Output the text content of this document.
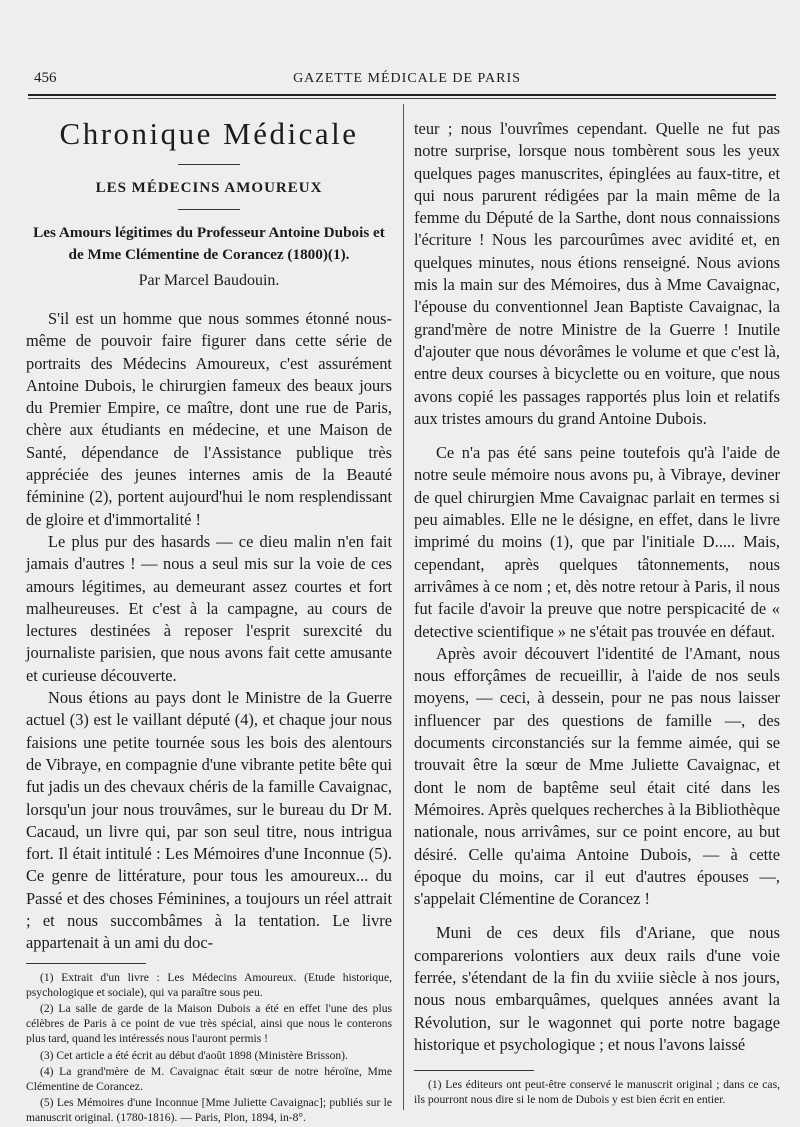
456	GAZETTE MÉDICALE DE PARIS
Chronique Médicale
LES MÉDECINS AMOUREUX
Les Amours légitimes du Professeur Antoine Dubois et de Mme Clémentine de Corancez (1800)(1).
Par Marcel Baudouin.

S'il est un homme que nous sommes étonné nous-même de pouvoir faire figurer dans cette série de portraits des Médecins Amoureux, c'est assurément Antoine Dubois, le chirurgien fameux des beaux jours du Premier Empire, ce maître, dont une rue de Paris, chère aux étudiants en médecine, et une Maison de Santé, dépendance de l'Assistance publique très appréciée des jeunes internes amis de la Beauté féminine (2), portent aujourd'hui le nom resplendissant de gloire et d'immortalité !

Le plus pur des hasards — ce dieu malin n'en fait jamais d'autres ! — nous a seul mis sur la voie de ces amours légitimes, au demeurant assez courtes et fort malheureuses. Et c'est à la campagne, au cours de lectures destinées à reposer l'esprit surexcité du journaliste parisien, que nous avons fait cette amusante et curieuse découverte.

Nous étions au pays dont le Ministre de la Guerre actuel (3) est le vaillant député (4), et chaque jour nous faisions une petite tournée sous les bois des alentours de Vibraye, en compagnie d'une vibrante petite bête qui fut jadis un des chevaux chéris de la famille Cavaignac, lorsqu'un jour nous trouvâmes, sur le bureau du Dr M. Cacaud, un livre qui, par son seul titre, nous intrigua fort. Il était intitulé : Les Mémoires d'une Inconnue (5). Ce genre de littérature, pour tous les amoureux... du Passé et des choses Féminines, a toujours un réel attrait ; et nous succombâmes à la tentation. Le livre appartenait à un ami du doc-

(1) Extrait d'un livre : Les Médecins Amoureux. (Etude historique, psychologique et sociale), qui va paraître sous peu.

(2) La salle de garde de la Maison Dubois a été en effet l'une des plus célèbres de Paris à ce point de vue très spécial, ainsi que nous le conterons plus tard, quand les intéressés nous l'auront permis !

(3) Cet article a été écrit au début d'août 1898 (Ministère Brisson).

(4) La grand'mère de M. Cavaignac était sœur de notre héroïne, Mme Clémentine de Corancez.

(5) Les Mémoires d'une Inconnue [Mme Juliette Cavaignac]; publiés sur le manuscrit original. (1780-1816). — Paris, Plon, 1894, in-8°.

teur ; nous l'ouvrîmes cependant. Quelle ne fut pas notre surprise, lorsque nous tombèrent sous les yeux quelques pages manuscrites, épinglées au faux-titre, et qui nous parurent rédigées par la main même de la femme du Député de la Sarthe, dont nous connaissions l'écriture ! Nous les parcourûmes avec avidité et, en quelques minutes, nous étions renseigné. Nous avions mis la main sur des Mémoires, dus à Mme Cavaignac, l'épouse du conventionnel Jean Baptiste Cavaignac, la grand'mère de notre Ministre de la Guerre ! Inutile d'ajouter que nous dévorâmes le volume et que c'est là, entre deux courses à bicyclette ou en voiture, que nous avons copié les passages rapportés plus loin et relatifs aux tristes amours du grand Antoine Dubois.

Ce n'a pas été sans peine toutefois qu'à l'aide de notre seule mémoire nous avons pu, à Vibraye, deviner de quel chirurgien Mme Cavaignac parlait en termes si peu aimables. Elle ne le désigne, en effet, dans le livre imprimé du moins (1), que par l'initiale D..... Mais, cependant, après quelques tâtonnements, nous arrivâmes à ce nom ; et, dès notre retour à Paris, il nous fut facile d'avoir la preuve que notre perspicacité de « detective scientifique » ne s'était pas trouvée en défaut.

Après avoir découvert l'identité de l'Amant, nous nous efforçâmes de recueillir, à l'aide de nos seuls moyens, — ceci, à dessein, pour ne pas nous laisser influencer par des questions de famille —, des documents circonstanciés sur la femme aimée, qui se trouvait être la sœur de Mme Juliette Cavaignac, et dont le nom de baptême seul était cité dans les Mémoires. Après quelques recherches à la Bibliothèque nationale, nous arrivâmes, sur ce point encore, au but désiré. Celle qu'aima Antoine Dubois, — à cette époque du moins, car il eut d'autres épouses —, s'appelait Clémentine de Corancez !

Muni de ces deux fils d'Ariane, que nous comparerions volontiers aux deux rails d'une voie ferrée, s'étendant de la fin du xviiie siècle à nos jours, nous nous embarquâmes, quelques années avant la Révolution, sur le wagonnet qui porte notre bagage historique et psychologique ; et nous l'avons laissé

(1) Les éditeurs ont peut-être conservé le manuscrit original ; dans ce cas, ils pourront nous dire si le nom de Dubois y est bien écrit en entier.
